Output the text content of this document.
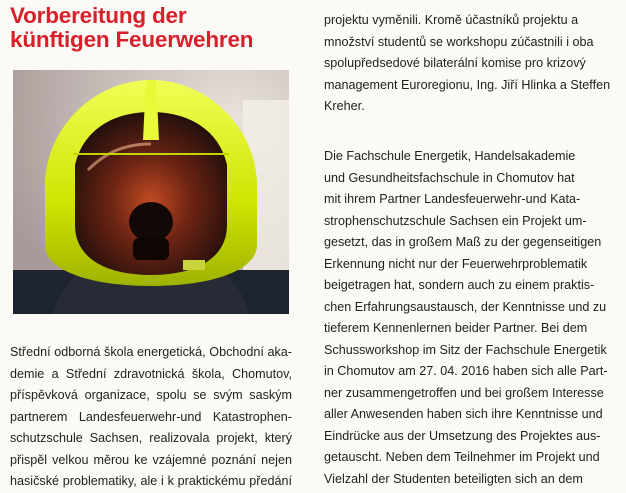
Vorbereitung der
künftigen Feuerwehren

Střední odborná škola energetická, Obchodní aka-
demie a Střední zdravotnická škola, Chomutov,
příspěvková organizace, spolu se svým saským
partnerem Landesfeuerwehr-und Katastrophen-
schutzschule Sachsen, realizovala projekt, který
přispěl velkou měrou ke vzájemné poznání nejen
hasičské problematiky, ale i k praktickému předání

projektu vyměnili. Kromě účastníků projektu a
množství studentů se workshopu zúčastnili i oba
spolupředsedové bilaterální komise pro krizový
management Euroregionu, Ing. Jiří Hlinka a Steffen
Kreher.

Die Fachschule Energetik, Handelsakademie
und Gesundheitsfachschule in Chomutov hat
mit ihrem Partner Landesfeuerwehr-und Kata-
strophenschutzschule Sachsen ein Projekt um-
gesetzt, das in großem Maß zu der gegenseitigen
Erkennung nicht nur der Feuerwehrproblematik
beigetragen hat, sondern auch zu einem praktis-
chen Erfahrungsaustausch, der Kenntnisse und zu
tieferem Kennenlernen beider Partner. Bei dem
Schussworkshop im Sitz der Fachschule Energetik
in Chomutov am 27. 04. 2016 haben sich alle Part-
ner zusammengetroffen und bei großem Interesse
aller Anwesenden haben sich ihre Kenntnisse und
Eindrücke aus der Umsetzung des Projektes aus-
getauscht. Neben dem Teilnehmer im Projekt und
Vielzahl der Studenten beteiligten sich an dem
